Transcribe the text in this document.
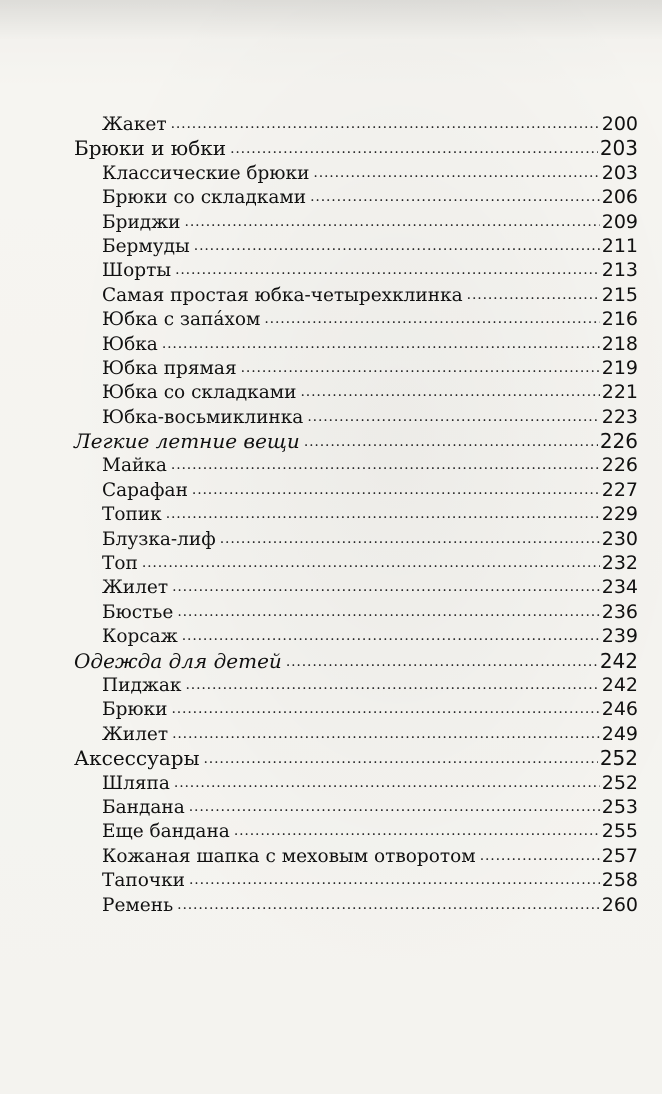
Жакет . . .	200
Брюки и юбки . . .	203
Классические брюки . . .	203
Брюки со складками . . .	206
Бриджи . . .	209
Бермуды . . .	211
Шорты . . .	213
Самая простая юбка-четырехклинка . . .	215
Юбка с запáхом . . .	216
Юбка . . .	218
Юбка прямая . . .	219
Юбка со складками . . .	221
Юбка-восьмиклинка . . .	223
Легкие летние вещи . . .	226
Майка . . .	226
Сарафан . . .	227
Топик . . .	229
Блузка-лиф . . .	230
Топ . . .	232
Жилет . . .	234
Бюстье . . .	236
Корсаж . . .	239
Одежда для детей . . .	242
Пиджак . . .	242
Брюки . . .	246
Жилет . . .	249
Аксессуары . . .	252
Шляпа . . .	252
Бандана . . .	253
Еще бандана . . .	255
Кожаная шапка с меховым отворотом . . .	257
Тапочки . . .	258
Ремень . . .	260
